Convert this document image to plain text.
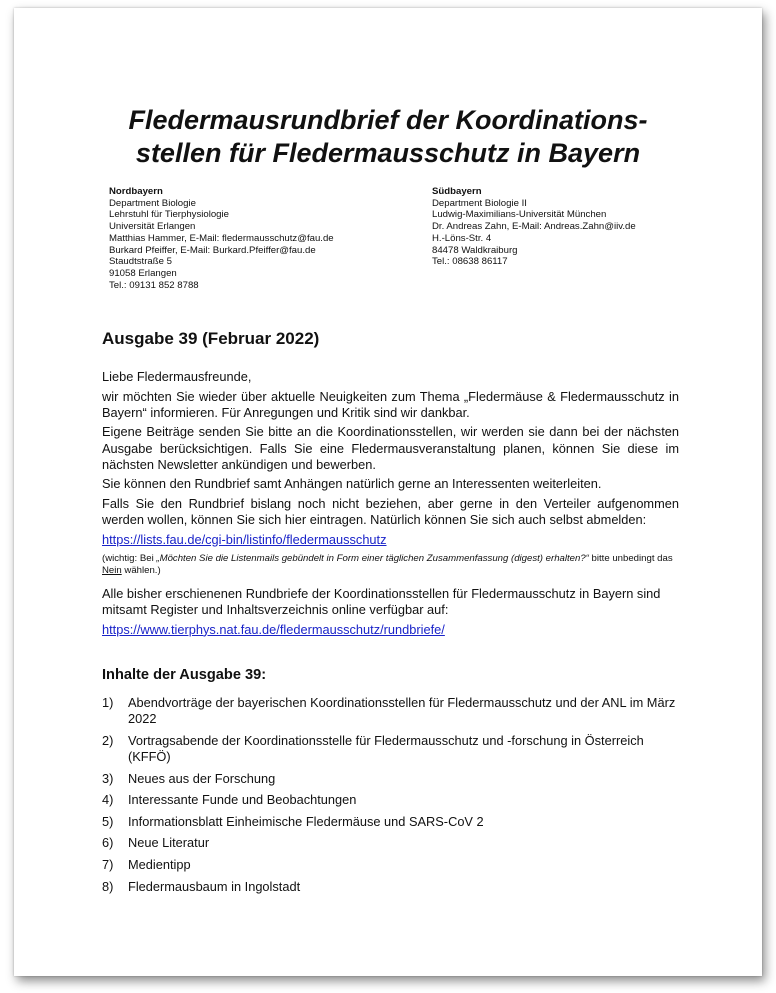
Fledermausrundbrief der Koordinations-
stellen für Fledermausschutz in Bayern
Nordbayern
Department Biologie
Lehrstuhl für Tierphysiologie
Universität Erlangen
Matthias Hammer, E-Mail: fledermausschutz@fau.de
Burkard Pfeiffer, E-Mail: Burkard.Pfeiffer@fau.de
Staudtstraße 5
91058 Erlangen
Tel.: 09131 852 8788
Südbayern
Department Biologie II
Ludwig-Maximilians-Universität München
Dr. Andreas Zahn, E-Mail: Andreas.Zahn@iiv.de
H.-Löns-Str. 4
84478 Waldkraiburg
Tel.: 08638 86117
Ausgabe 39 (Februar 2022)

Liebe Fledermausfreunde,

wir möchten Sie wieder über aktuelle Neuigkeiten zum Thema „Fledermäuse & Fledermausschutz in Bayern“ informieren. Für Anregungen und Kritik sind wir dankbar.

Eigene Beiträge senden Sie bitte an die Koordinationsstellen, wir werden sie dann bei der nächsten Ausgabe berücksichtigen. Falls Sie eine Fledermausveranstaltung planen, können Sie diese im nächsten Newsletter ankündigen und bewerben.

Sie können den Rundbrief samt Anhängen natürlich gerne an Interessenten weiterleiten.

Falls Sie den Rundbrief bislang noch nicht beziehen, aber gerne in den Verteiler aufgenommen werden wollen, können Sie sich hier eintragen. Natürlich können Sie sich auch selbst abmelden:

https://lists.fau.de/cgi-bin/listinfo/fledermausschutz

(wichtig: Bei „Möchten Sie die Listenmails gebündelt in Form einer täglichen Zusammenfassung (digest) erhalten?“ bitte unbedingt das Nein wählen.)

Alle bisher erschienenen Rundbriefe der Koordinationsstellen für Fledermausschutz in Bayern sind mitsamt Register und Inhaltsverzeichnis online verfügbar auf:

https://www.tierphys.nat.fau.de/fledermausschutz/rundbriefe/

Inhalte der Ausgabe 39:
1) Abendvorträge der bayerischen Koordinationsstellen für Fledermausschutz und der ANL im März 2022
2) Vortragsabende der Koordinationsstelle für Fledermausschutz und -forschung in Österreich (KFFÖ)
3) Neues aus der Forschung
4) Interessante Funde und Beobachtungen
5) Informationsblatt Einheimische Fledermäuse und SARS-CoV 2
6) Neue Literatur
7) Medientipp
8) Fledermausbaum in Ingolstadt
